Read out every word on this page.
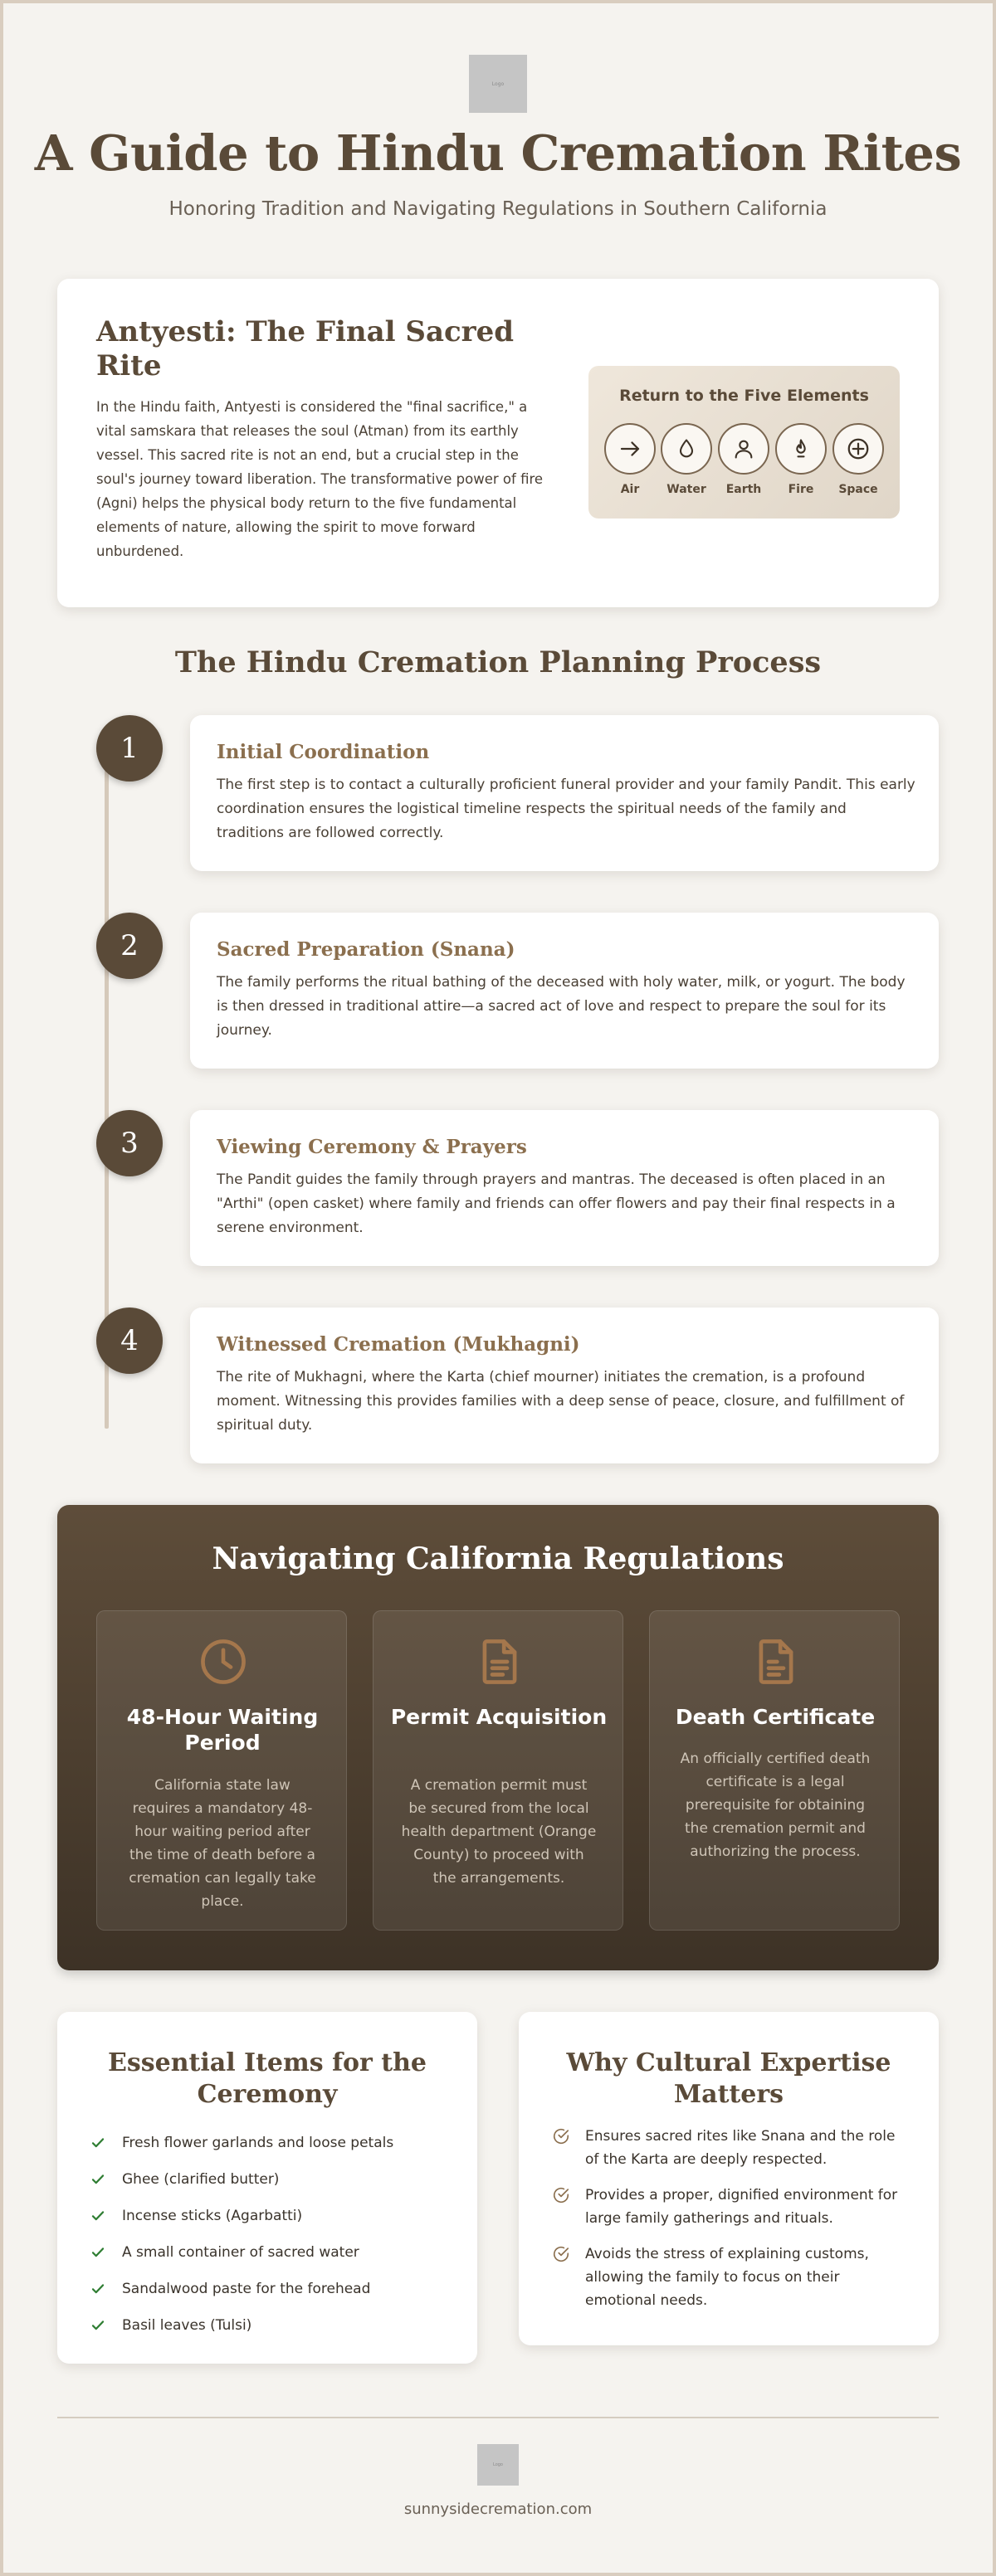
Logo
A Guide to Hindu Cremation Rites
Honoring Tradition and Navigating Regulations in Southern California
Antyesti: The Final Sacred Rite

In the Hindu faith, Antyesti is considered the "final sacrifice," a vital samskara that releases the soul (Atman) from its earthly vessel. This sacred rite is not an end, but a crucial step in the soul's journey toward liberation. The transformative power of fire (Agni) helps the physical body return to the five fundamental elements of nature, allowing the spirit to move forward unburdened.

Return to the Five Elements
Air	Water	Earth	Fire	Space
The Hindu Cremation Planning Process
1	Initial Coordination

The first step is to contact a culturally proficient funeral provider and your family Pandit. This early coordination ensures the logistical timeline respects the spiritual needs of the family and traditions are followed correctly.

2	Sacred Preparation (Snana)

The family performs the ritual bathing of the deceased with holy water, milk, or yogurt. The body is then dressed in traditional attire—a sacred act of love and respect to prepare the soul for its journey.

3	Viewing Ceremony & Prayers

The Pandit guides the family through prayers and mantras. The deceased is often placed in an "Arthi" (open casket) where family and friends can offer flowers and pay their final respects in a serene environment.

4	Witnessed Cremation (Mukhagni)

The rite of Mukhagni, where the Karta (chief mourner) initiates the cremation, is a profound moment. Witnessing this provides families with a deep sense of peace, closure, and fulfillment of spiritual duty.

Navigating California Regulations
48-Hour Waiting Period

California state law requires a mandatory 48-hour waiting period after the time of death before a cremation can legally take place.

Permit Acquisition

A cremation permit must be secured from the local health department (Orange County) to proceed with the arrangements.

Death Certificate

An officially certified death certificate is a legal prerequisite for obtaining the cremation permit and authorizing the process.

Essential Items for the Ceremony
Fresh flower garlands and loose petals
Ghee (clarified butter)
Incense sticks (Agarbatti)
A small container of sacred water
Sandalwood paste for the forehead
Basil leaves (Tulsi)
Why Cultural Expertise Matters
Ensures sacred rites like Snana and the role of the Karta are deeply respected.
Provides a proper, dignified environment for large family gatherings and rituals.
Avoids the stress of explaining customs, allowing the family to focus on their emotional needs.
Logo
sunnysidecremation.com
